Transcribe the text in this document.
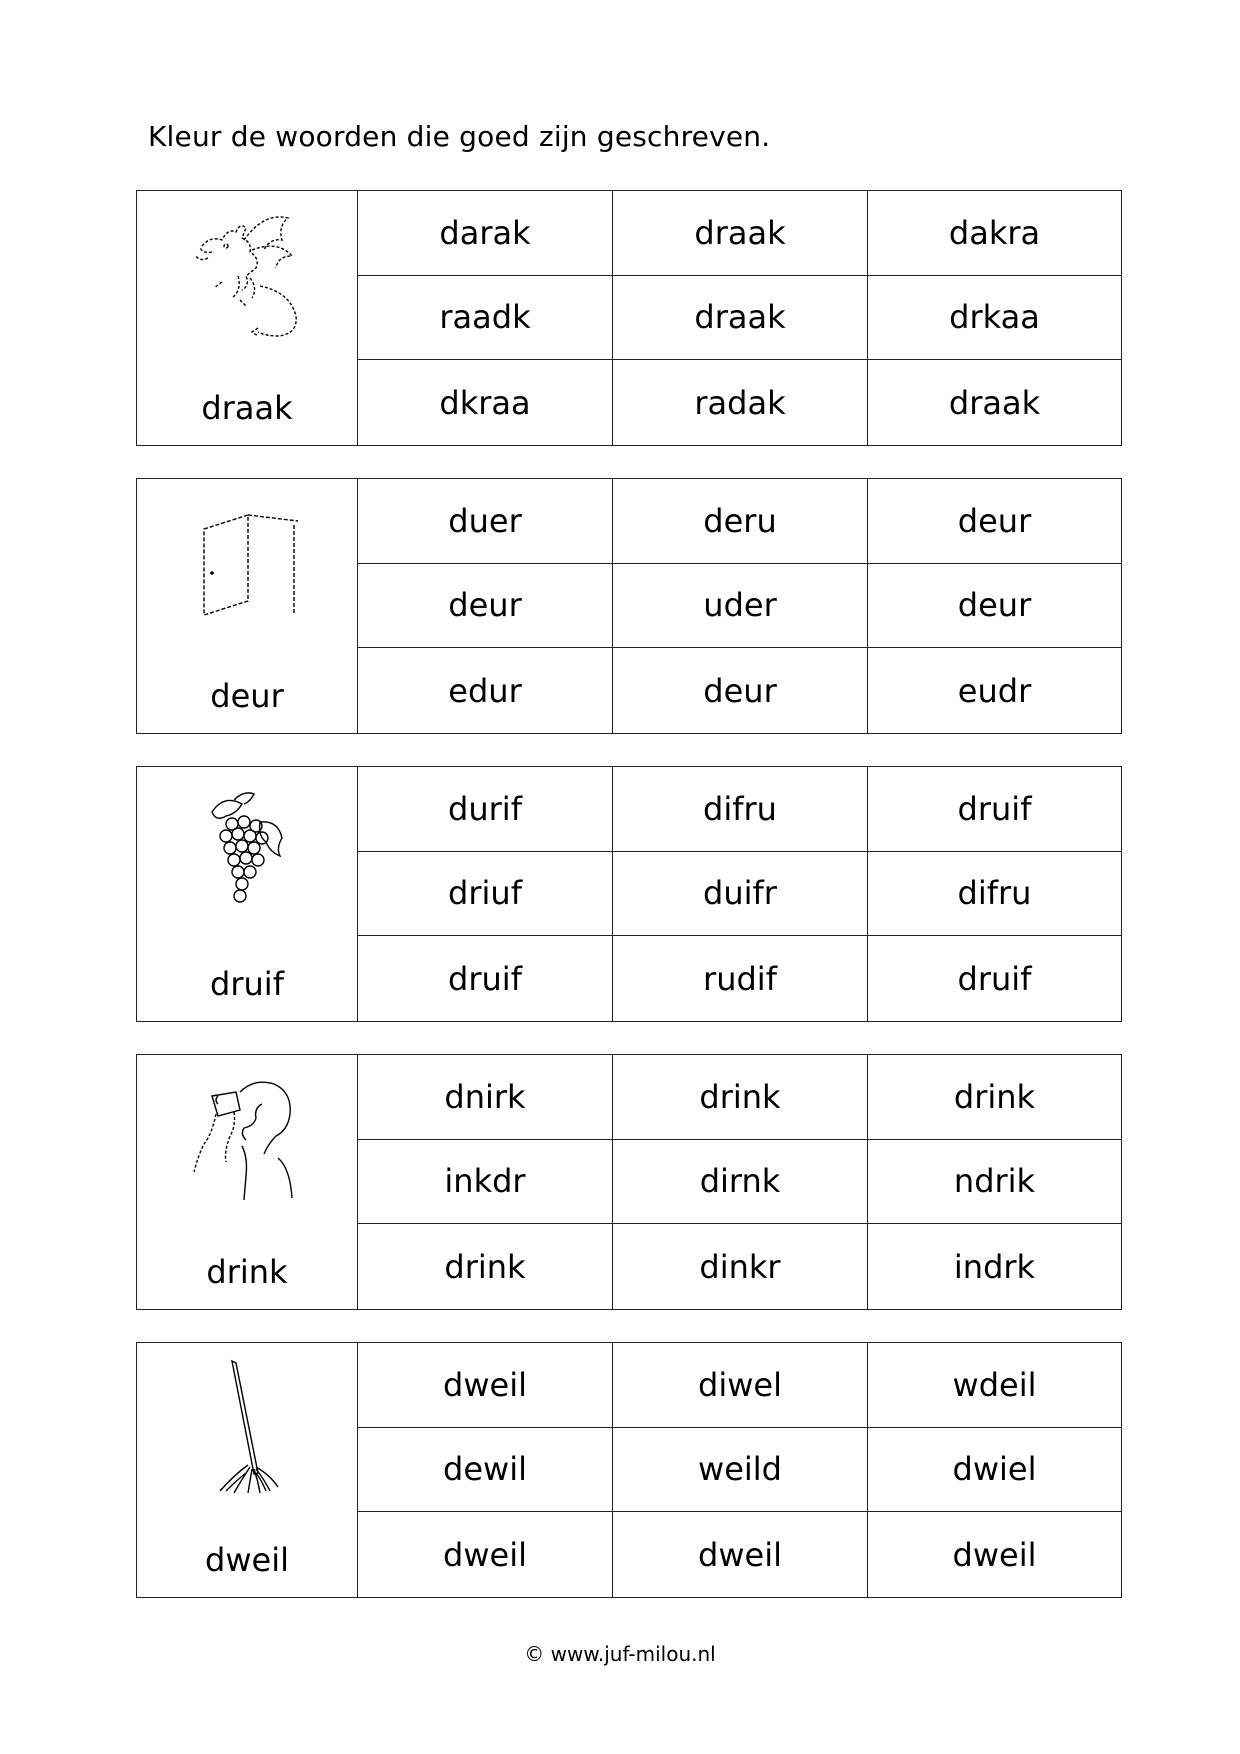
Kleur de woorden die goed zijn geschreven.
draak
darak	draak	dakra
raadk	draak	drkaa
dkraa	radak	draak
deur
duer	deru	deur
deur	uder	deur
edur	deur	eudr
druif
durif	difru	druif
driuf	duifr	difru
druif	rudif	druif
drink
dnirk	drink	drink
inkdr	dirnk	ndrik
drink	dinkr	indrk
dweil
dweil	diwel	wdeil
dewil	weild	dwiel
dweil	dweil	dweil
© www.juf-milou.nl
